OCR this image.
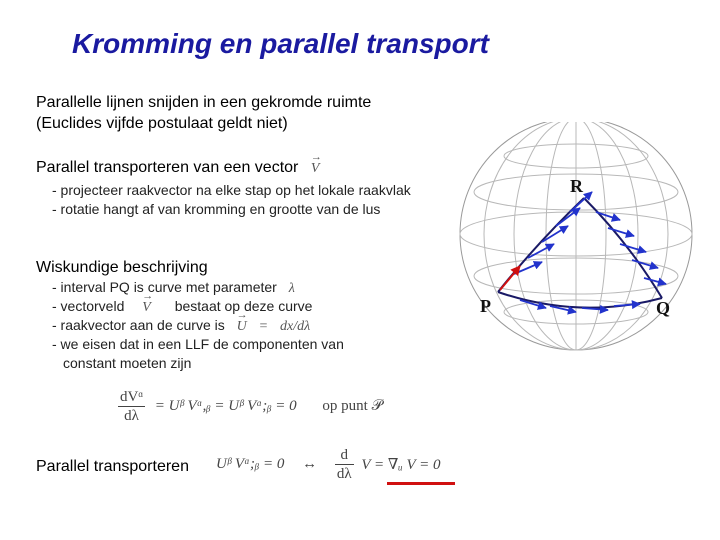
Kromming en parallel transport
Parallelle lijnen snijden in een gekromde ruimte
(Euclides vijfde postulaat geldt niet)
Parallel transporteren van een vector → V
- projecteer raakvector na elke stap op het lokale raakvlak
- rotatie hangt af van kromming en grootte van de lus
Wiskundige beschrijving
- interval PQ is curve met parameter λ
- vectorveld → V bestaat op deze curve
- raakvector aan de curve is → U = dx/dλ
- we eisen dat in een LLF de componenten van
constant moeten zijn
$\frac{\text{dVᵅ}}{d\lambda}$ = Uᵝ Vᵅ,ᵦ = Uᵝ Vᵅ;ᵦ = 0 op punt 𝒫
Parallel transporteren Uᵝ Vᵅ;ᵦ = 0 ↔ $\frac{d}{d\lambda}$ V = ∇ᵤ V = 0
R
P	Q
